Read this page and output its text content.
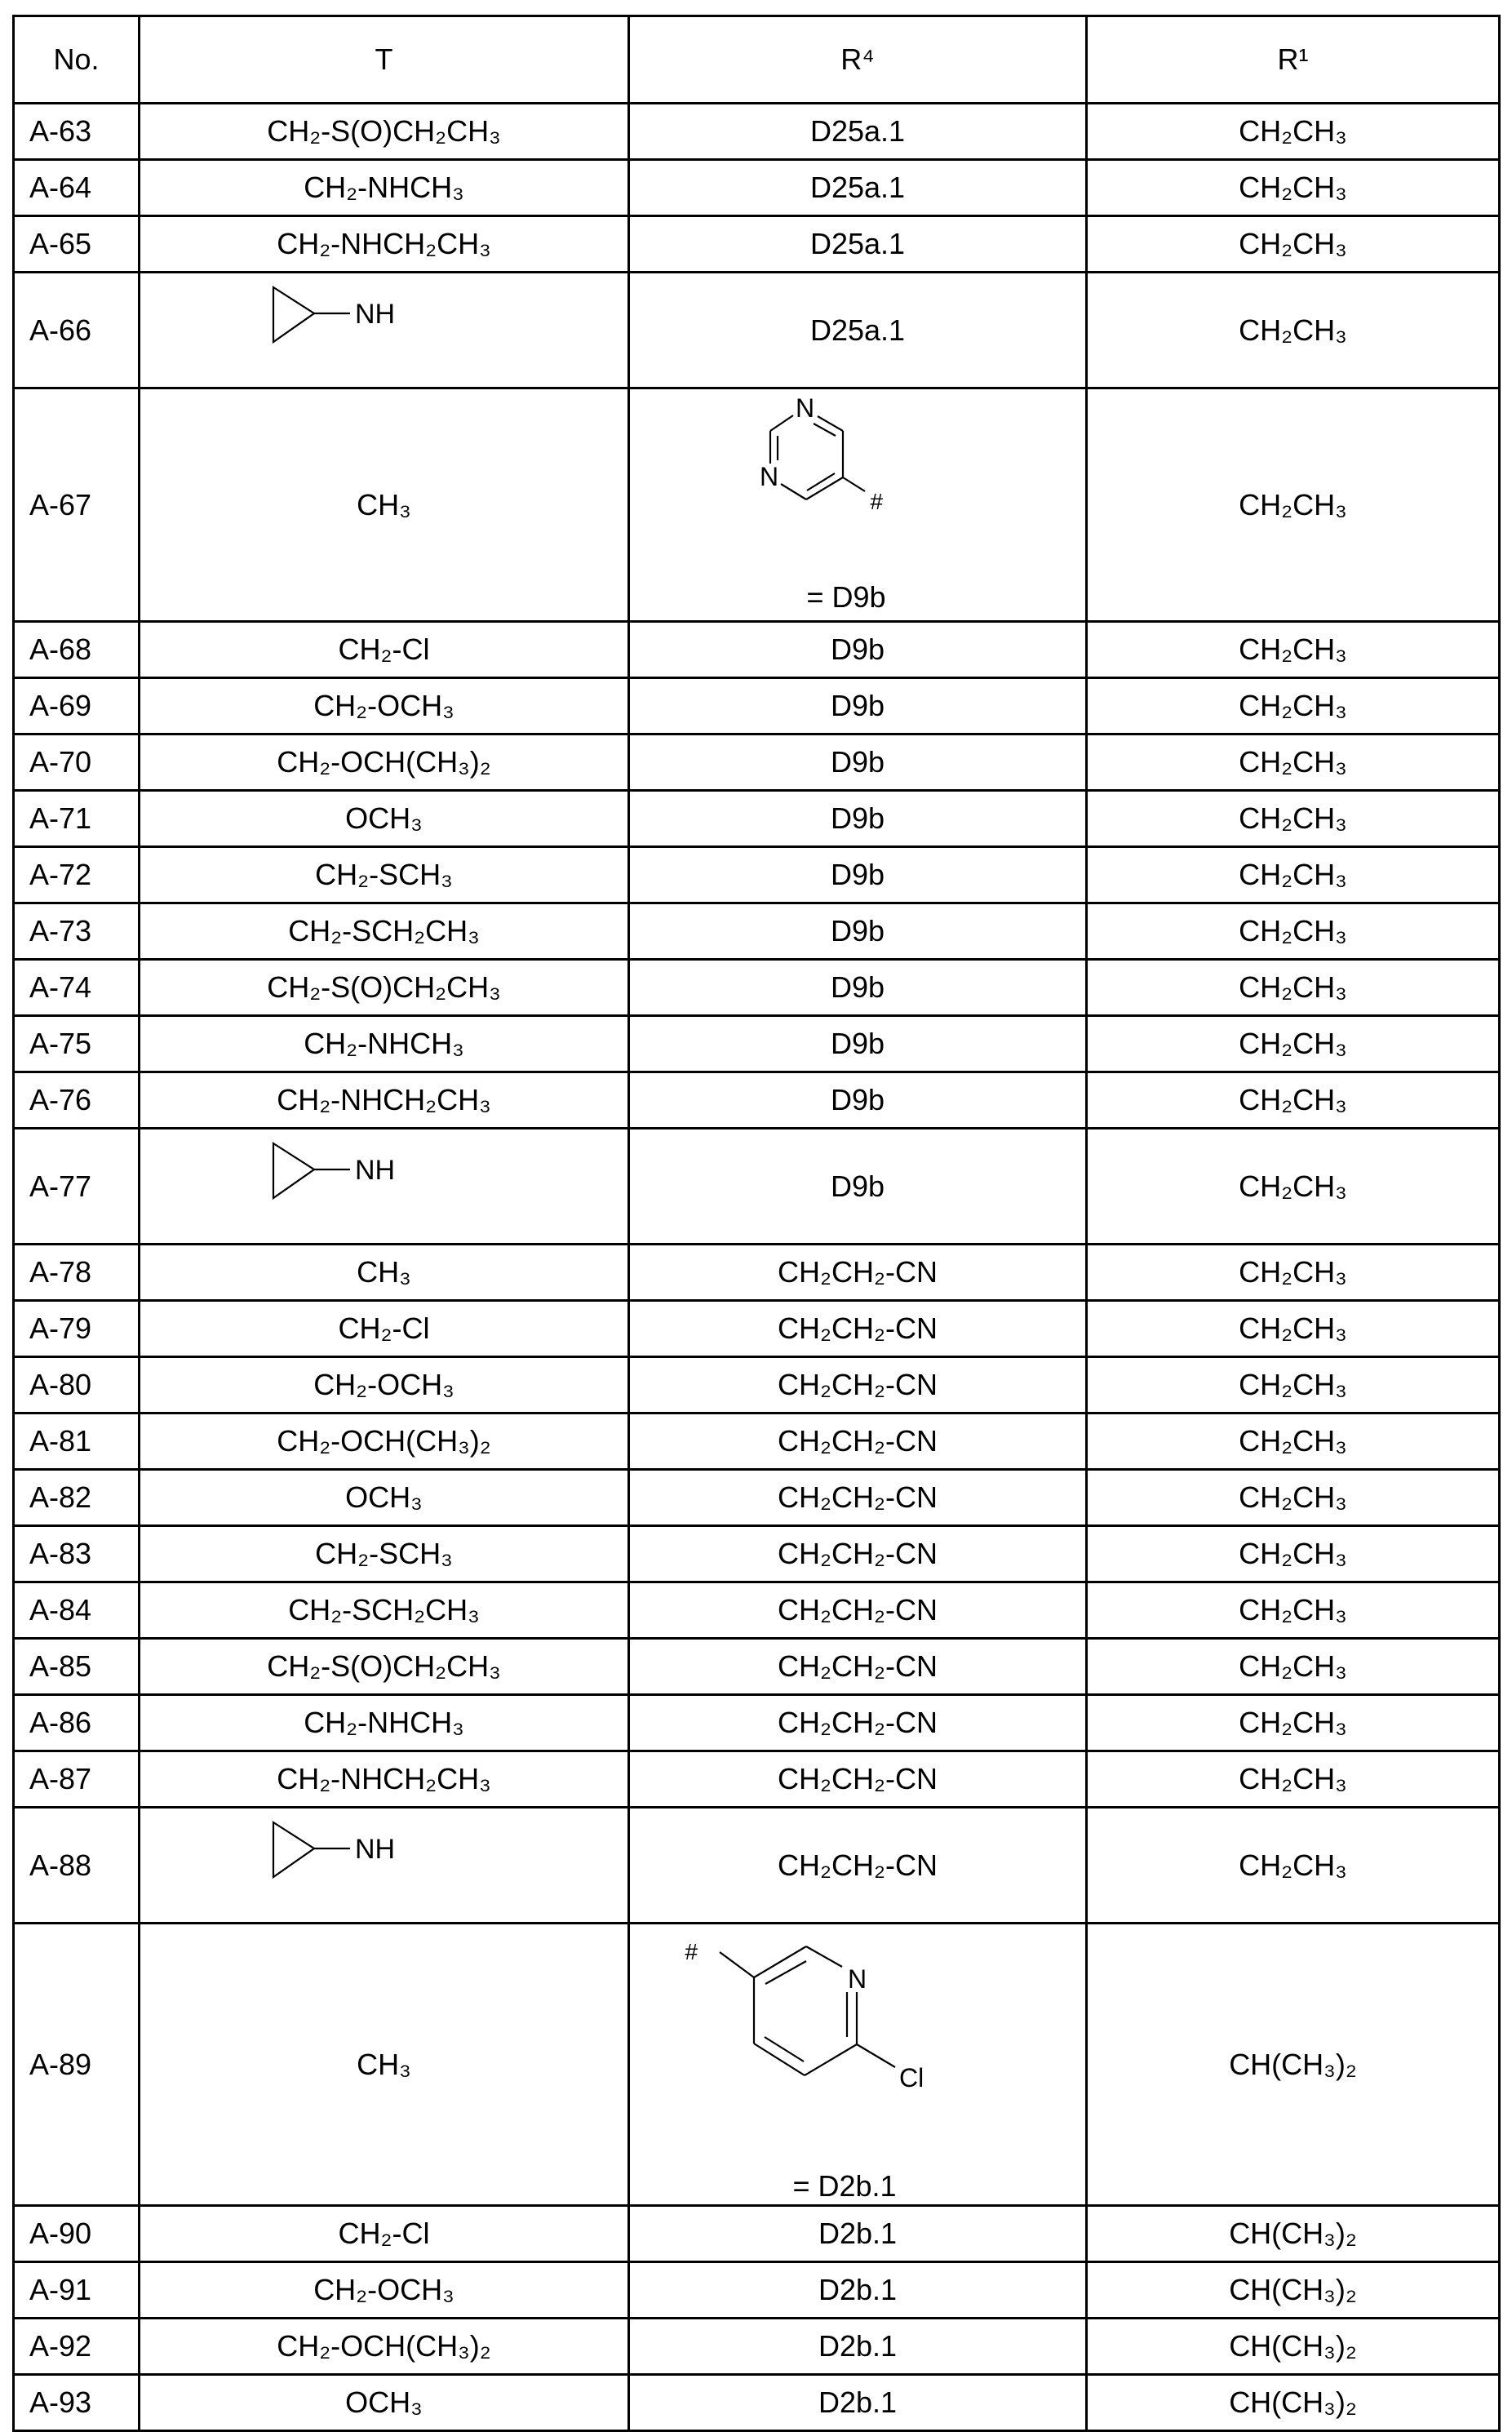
No.	T	R⁴	R¹
A-63	CH₂-S(O)CH₂CH₃	D25a.1	CH₂CH₃
A-64	CH₂-NHCH₃	D25a.1	CH₂CH₃
A-65	CH₂-NHCH₂CH₃	D25a.1	CH₂CH₃
A-66	NH	D25a.1	CH₂CH₃
A-67	CH₃	
N
N
#
= D9b
	CH₂CH₃
A-68	CH₂-Cl	D9b	CH₂CH₃
A-69	CH₂-OCH₃	D9b	CH₂CH₃
A-70	CH₂-OCH(CH₃)₂	D9b	CH₂CH₃
A-71	OCH₃	D9b	CH₂CH₃
A-72	CH₂-SCH₃	D9b	CH₂CH₃
A-73	CH₂-SCH₂CH₃	D9b	CH₂CH₃
A-74	CH₂-S(O)CH₂CH₃	D9b	CH₂CH₃
A-75	CH₂-NHCH₃	D9b	CH₂CH₃
A-76	CH₂-NHCH₂CH₃	D9b	CH₂CH₃
A-77	NH	D9b	CH₂CH₃
A-78	CH₃	CH₂CH₂-CN	CH₂CH₃
A-79	CH₂-Cl	CH₂CH₂-CN	CH₂CH₃
A-80	CH₂-OCH₃	CH₂CH₂-CN	CH₂CH₃
A-81	CH₂-OCH(CH₃)₂	CH₂CH₂-CN	CH₂CH₃
A-82	OCH₃	CH₂CH₂-CN	CH₂CH₃
A-83	CH₂-SCH₃	CH₂CH₂-CN	CH₂CH₃
A-84	CH₂-SCH₂CH₃	CH₂CH₂-CN	CH₂CH₃
A-85	CH₂-S(O)CH₂CH₃	CH₂CH₂-CN	CH₂CH₃
A-86	CH₂-NHCH₃	CH₂CH₂-CN	CH₂CH₃
A-87	CH₂-NHCH₂CH₃	CH₂CH₂-CN	CH₂CH₃
A-88	NH	CH₂CH₂-CN	CH₂CH₃
A-89	CH₃	
#
N
Cl
= D2b.1
	CH(CH₃)₂
A-90	CH₂-Cl	D2b.1	CH(CH₃)₂
A-91	CH₂-OCH₃	D2b.1	CH(CH₃)₂
A-92	CH₂-OCH(CH₃)₂	D2b.1	CH(CH₃)₂
A-93	OCH₃	D2b.1	CH(CH₃)₂
